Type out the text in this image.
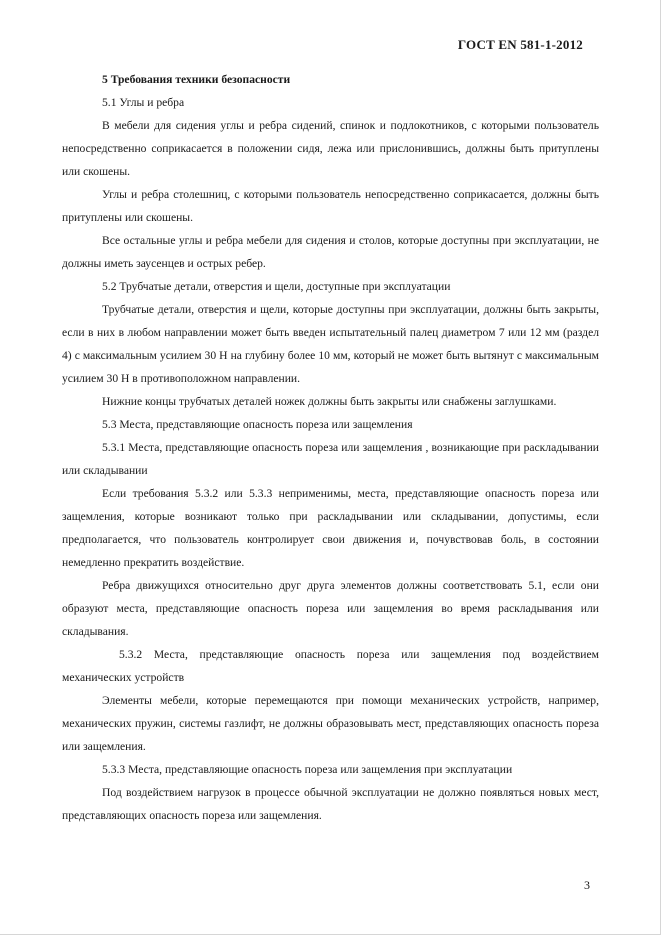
ГОСТ EN 581-1-2012
5 Требования техники безопасности
5.1 Углы и ребра

В мебели для сидения углы и ребра сидений, спинок и подлокотников, с которыми пользователь непосредственно соприкасается в положении сидя, лежа или прислонившись, должны быть притуплены или скошены.

Углы и ребра столешниц, с которыми пользователь непосредственно соприкасается, должны быть притуплены или скошены.

Все остальные углы и ребра мебели для сидения и столов, которые доступны при эксплуатации, не должны иметь заусенцев и острых ребер.

5.2 Трубчатые детали, отверстия и щели, доступные при эксплуатации

Трубчатые детали, отверстия и щели, которые доступны при эксплуатации, должны быть закрыты, если в них в любом направлении может быть введен испытательный палец диаметром 7 или 12 мм (раздел 4) с максимальным усилием 30 Н на глубину более 10 мм, который не может быть вытянут с максимальным усилием 30 Н в противоположном направлении.

Нижние концы трубчатых деталей ножек должны быть закрыты или снабжены заглушками.

5.3 Места, представляющие опасность пореза или защемления

5.3.1 Места, представляющие опасность пореза или защемления , возникающие при раскладывании или складывании

Если требования 5.3.2 или 5.3.3 неприменимы, места, представляющие опасность пореза или защемления, которые возникают только при раскладывании или складывании, допустимы, если предполагается, что пользователь контролирует свои движения и, почувствовав боль, в состоянии немедленно прекратить воздействие.

Ребра движущихся относительно друг друга элементов должны соответствовать 5.1, если они образуют места, представляющие опасность пореза или защемления во время раскладывания или складывания.

5.3.2 Места, представляющие опасность пореза или защемления под воздействием механических устройств

Элементы мебели, которые перемещаются при помощи механических устройств, например, механических пружин, системы газлифт, не должны образовывать мест, представляющих опасность пореза или защемления.

5.3.3 Места, представляющие опасность пореза или защемления при эксплуатации

Под воздействием нагрузок в процессе обычной эксплуатации не должно появляться новых мест, представляющих опасность пореза или защемления.

3
